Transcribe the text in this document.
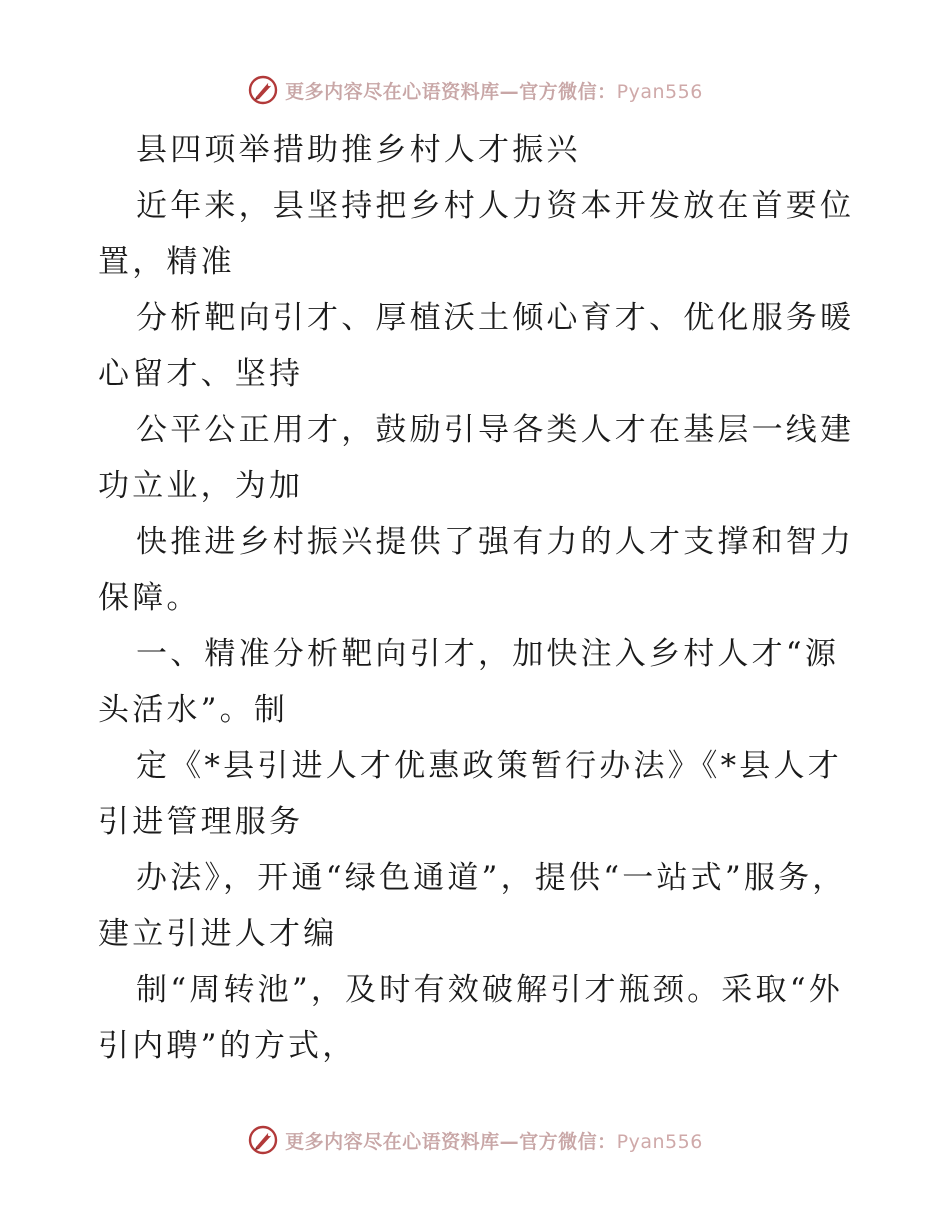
更多内容尽在心语资料库—官方微信：Pyan556

县四项举措助推乡村人才振兴

近年来，县坚持把乡村人力资本开发放在首要位置，精准

分析靶向引才、厚植沃土倾心育才、优化服务暖心留才、坚持

公平公正用才，鼓励引导各类人才在基层一线建功立业，为加

快推进乡村振兴提供了强有力的人才支撑和智力保障。

一、精准分析靶向引才，加快注入乡村人才“源头活水”。制

定《*县引进人才优惠政策暂行办法》《*县人才引进管理服务

办法》，开通“绿色通道”，提供“一站式”服务，建立引进人才编

制“周转池”，及时有效破解引才瓶颈。采取“外引内聘”的方式，

更多内容尽在心语资料库—官方微信：Pyan556
